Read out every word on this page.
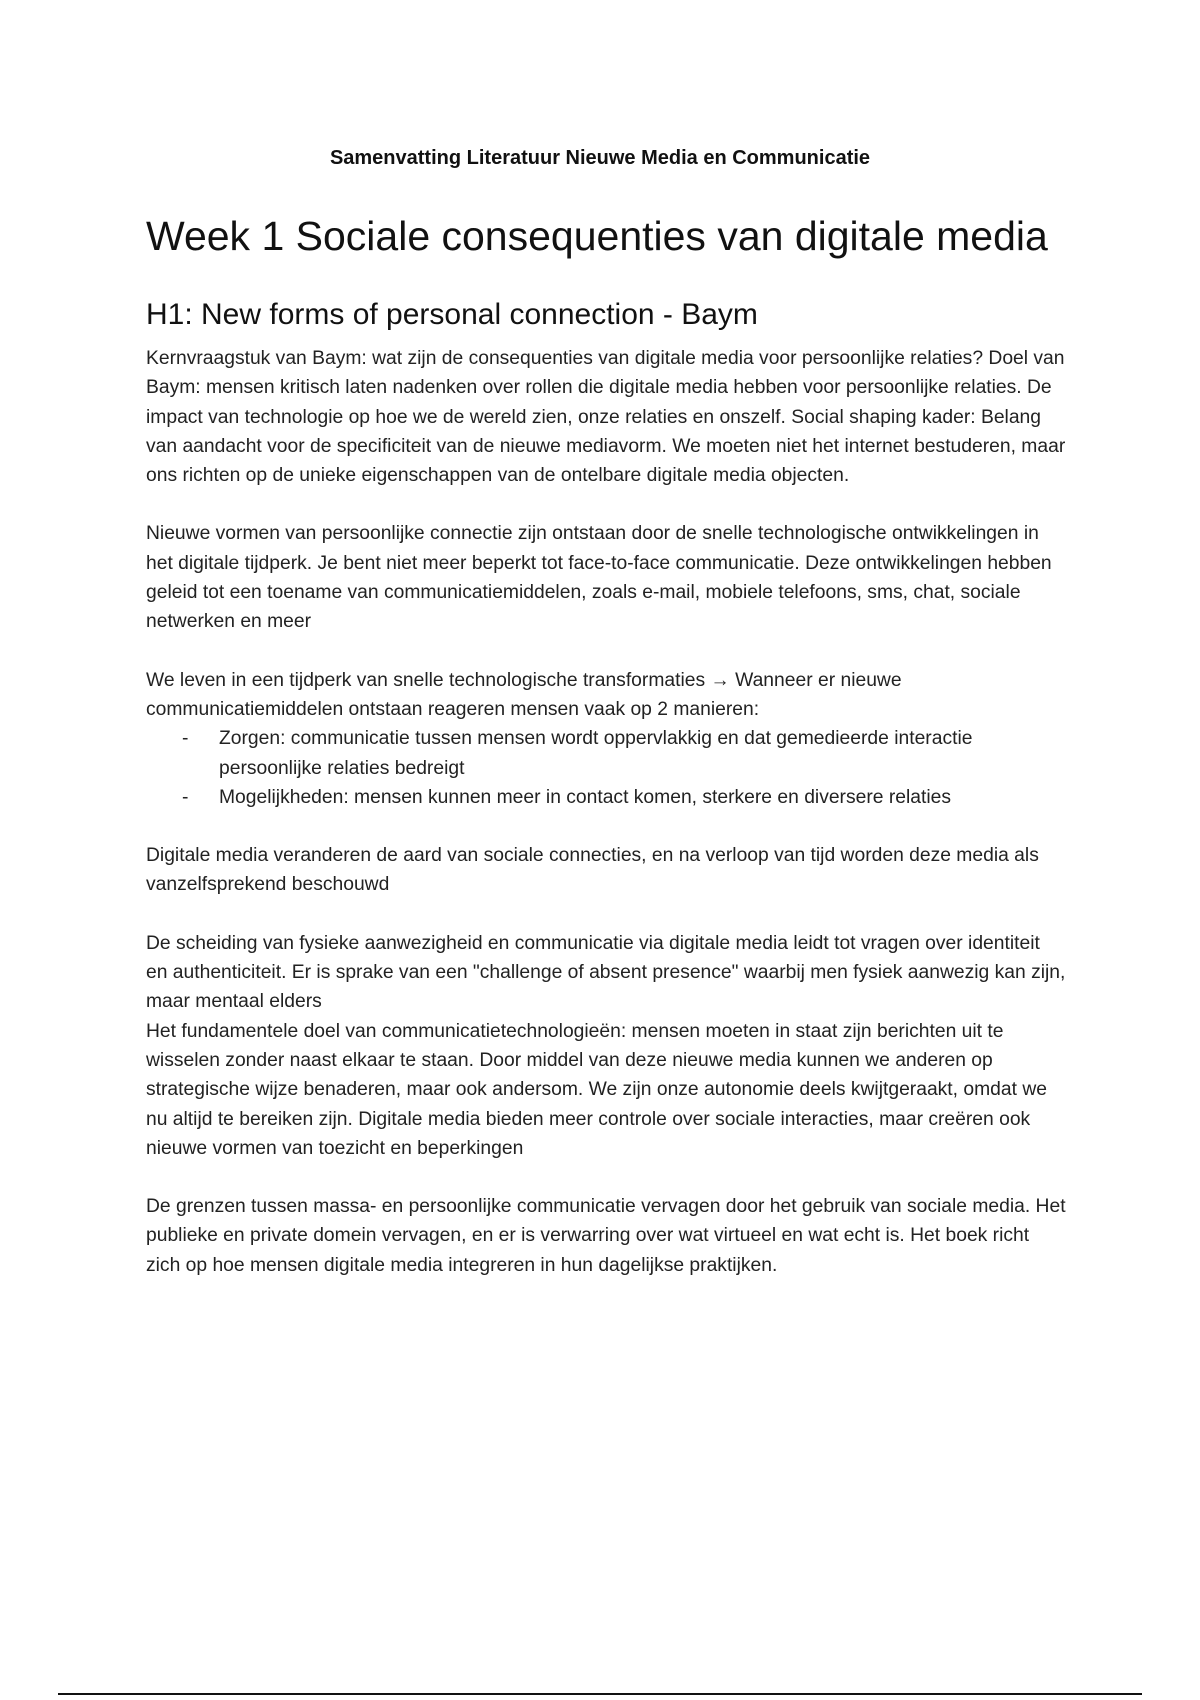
Samenvatting Literatuur Nieuwe Media en Communicatie
Week 1 Sociale consequenties van digitale media
H1: New forms of personal connection - Baym

Kernvraagstuk van Baym: wat zijn de consequenties van digitale media voor persoonlijke relaties? Doel van Baym: mensen kritisch laten nadenken over rollen die digitale media hebben voor persoonlijke relaties. De impact van technologie op hoe we de wereld zien, onze relaties en onszelf. Social shaping kader: Belang van aandacht voor de specificiteit van de nieuwe mediavorm. We moeten niet het internet bestuderen, maar ons richten op de unieke eigenschappen van de ontelbare digitale media objecten.

Nieuwe vormen van persoonlijke connectie zijn ontstaan door de snelle technologische ontwikkelingen in het digitale tijdperk. Je bent niet meer beperkt tot face-to-face communicatie. Deze ontwikkelingen hebben geleid tot een toename van communicatiemiddelen, zoals e-mail, mobiele telefoons, sms, chat, sociale netwerken en meer

We leven in een tijdperk van snelle technologische transformaties → Wanneer er nieuwe communicatiemiddelen ontstaan reageren mensen vaak op 2 manieren:

- Zorgen: communicatie tussen mensen wordt oppervlakkig en dat gemedieerde interactie persoonlijke relaties bedreigt
- Mogelijkheden: mensen kunnen meer in contact komen, sterkere en diversere relaties

Digitale media veranderen de aard van sociale connecties, en na verloop van tijd worden deze media als vanzelfsprekend beschouwd

De scheiding van fysieke aanwezigheid en communicatie via digitale media leidt tot vragen over identiteit en authenticiteit. Er is sprake van een "challenge of absent presence" waarbij men fysiek aanwezig kan zijn, maar mentaal elders

Het fundamentele doel van communicatietechnologieën: mensen moeten in staat zijn berichten uit te wisselen zonder naast elkaar te staan. Door middel van deze nieuwe media kunnen we anderen op strategische wijze benaderen, maar ook andersom. We zijn onze autonomie deels kwijtgeraakt, omdat we nu altijd te bereiken zijn. Digitale media bieden meer controle over sociale interacties, maar creëren ook nieuwe vormen van toezicht en beperkingen

De grenzen tussen massa- en persoonlijke communicatie vervagen door het gebruik van sociale media. Het publieke en private domein vervagen, en er is verwarring over wat virtueel en wat echt is. Het boek richt zich op hoe mensen digitale media integreren in hun dagelijkse praktijken.
